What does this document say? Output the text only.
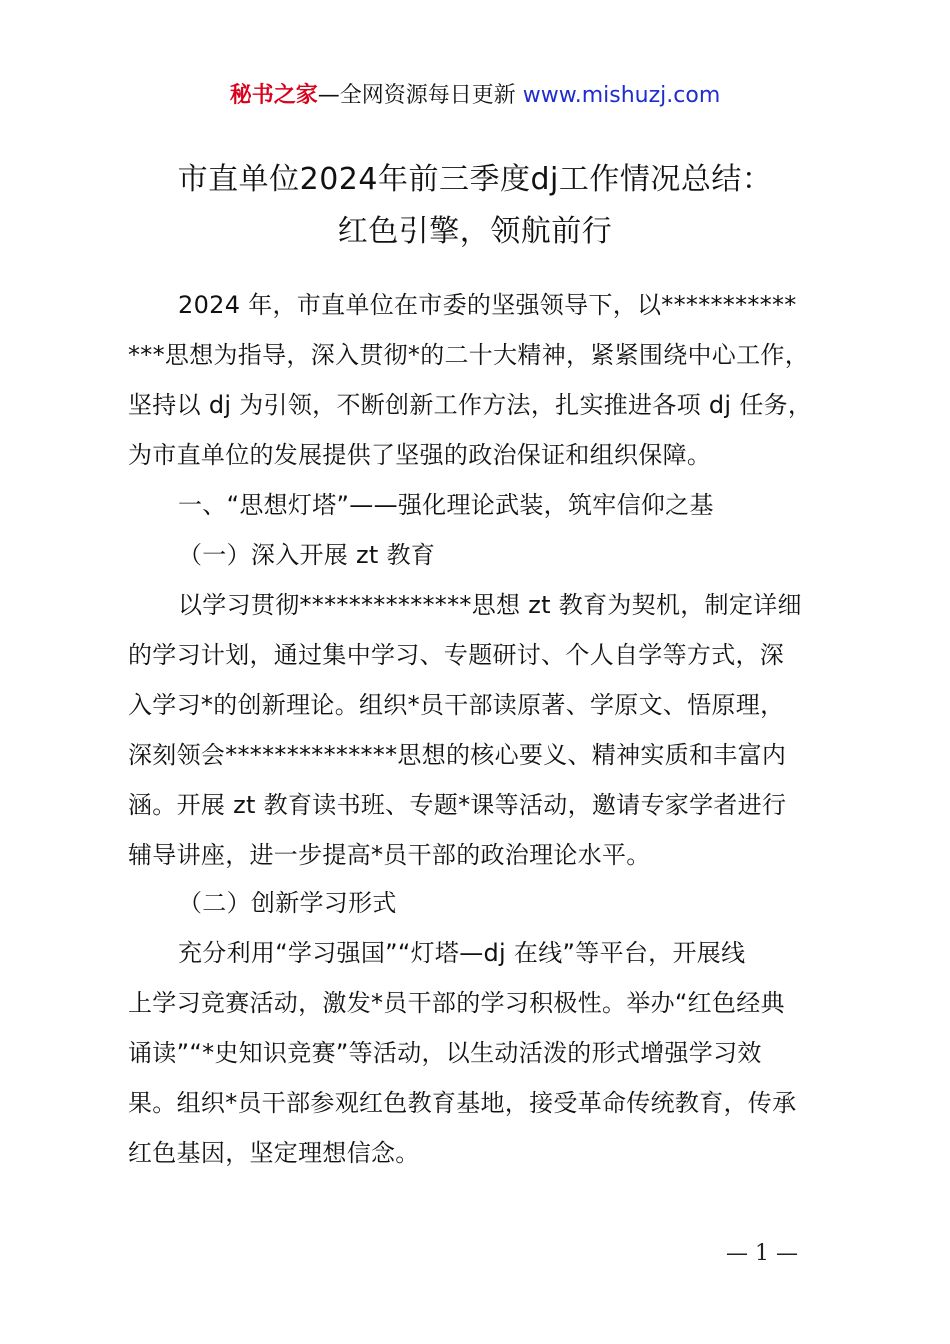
秘书之家—全网资源每日更新 www.mishuzj.com
市直单位2024年前三季度dj工作情况总结：
红色引擎，领航前行
2024 年，市直单位在市委的坚强领导下，以***********
***思想为指导，深入贯彻*的二十大精神，紧紧围绕中心工作，
坚持以 dj 为引领，不断创新工作方法，扎实推进各项 dj 任务，
为市直单位的发展提供了坚强的政治保证和组织保障。
一、“思想灯塔”——强化理论武装，筑牢信仰之基
（一）深入开展 zt 教育
以学习贯彻**************思想 zt 教育为契机，制定详细
的学习计划，通过集中学习、专题研讨、个人自学等方式，深
入学习*的创新理论。组织*员干部读原著、学原文、悟原理，
深刻领会**************思想的核心要义、精神实质和丰富内
涵。开展 zt 教育读书班、专题*课等活动，邀请专家学者进行
辅导讲座，进一步提高*员干部的政治理论水平。
（二）创新学习形式
充分利用“学习强国”“灯塔—dj 在线”等平台，开展线
上学习竞赛活动，激发*员干部的学习积极性。举办“红色经典
诵读”“*史知识竞赛”等活动，以生动活泼的形式增强学习效
果。组织*员干部参观红色教育基地，接受革命传统教育，传承
红色基因，坚定理想信念。
— 1 —
